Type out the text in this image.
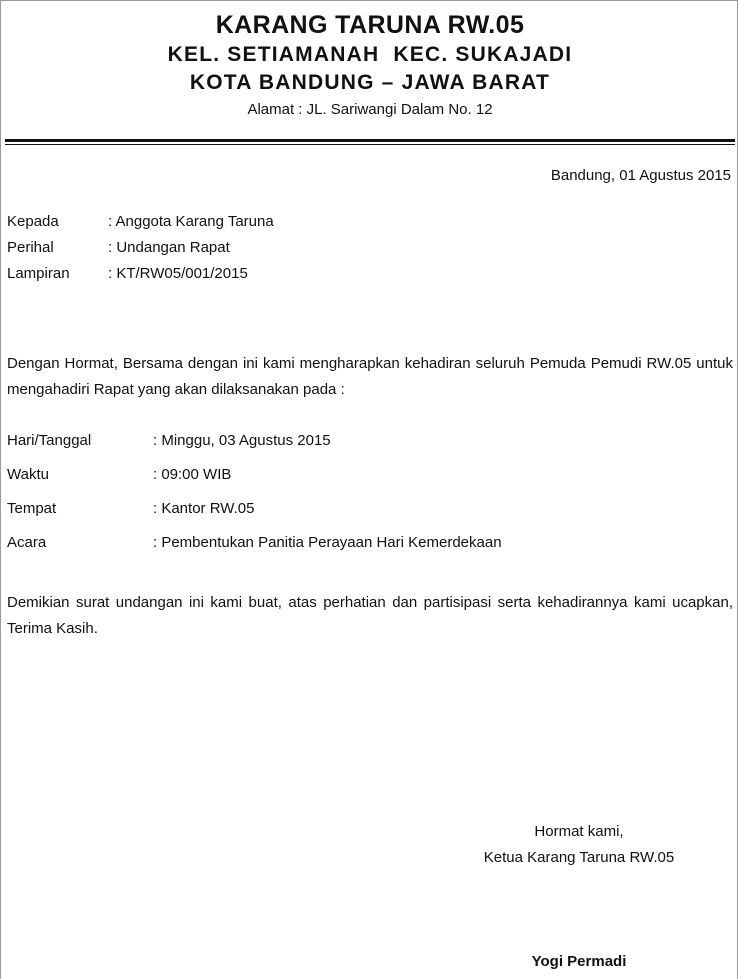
KARANG TARUNA RW.05
KEL. SETIAMANAH  KEC. SUKAJADI
KOTA BANDUNG – JAWA BARAT
Alamat : JL. Sariwangi Dalam No. 12
Bandung, 01 Agustus 2015
Kepada	: Anggota Karang Taruna
Perihal	: Undangan Rapat
Lampiran	: KT/RW05/001/2015
Dengan Hormat, Bersama dengan ini kami mengharapkan kehadiran seluruh Pemuda Pemudi RW.05 untuk mengahadiri Rapat yang akan dilaksanakan pada :
Hari/Tanggal	: Minggu, 03 Agustus 2015
Waktu	: 09:00 WIB
Tempat	: Kantor RW.05
Acara	: Pembentukan Panitia Perayaan Hari Kemerdekaan
Demikian surat undangan ini kami buat, atas perhatian dan partisipasi serta kehadirannya kami ucapkan, Terima Kasih.
Hormat kami,
Ketua Karang Taruna RW.05
Yogi Permadi
